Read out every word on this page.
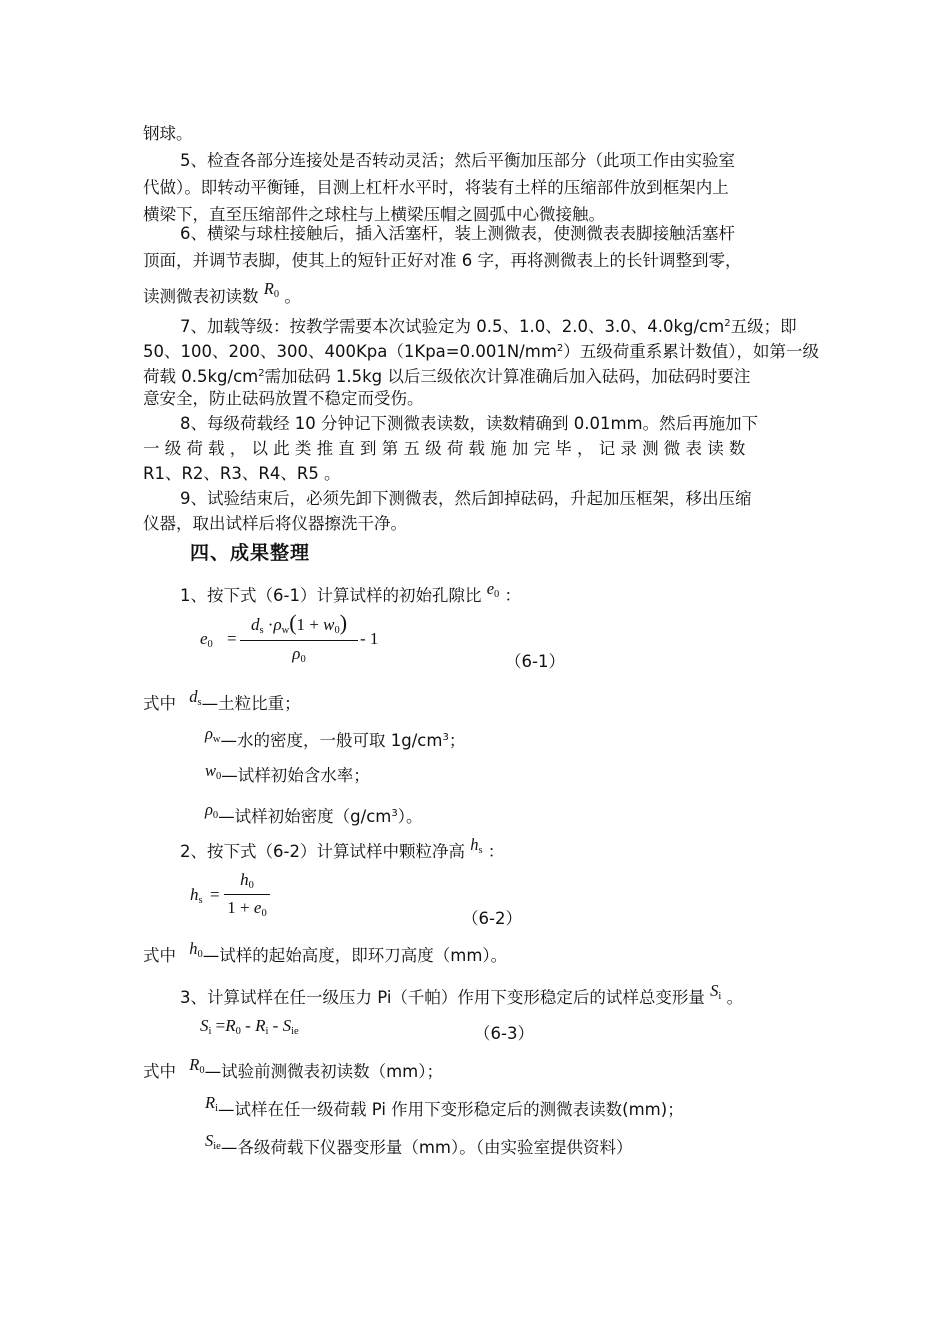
钢球。
5、检查各部分连接处是否转动灵活；然后平衡加压部分（此项工作由实验室
代做）。即转动平衡锤，目测上杠杆水平时，将装有土样的压缩部件放到框架内上
横梁下，直至压缩部件之球柱与上横梁压帽之圆弧中心微接触。
6、横梁与球柱接触后，插入活塞杆，装上测微表，使测微表表脚接触活塞杆
顶面，并调节表脚，使其上的短针正好对准 6 字，再将测微表上的长针调整到零，
读测微表初读数 $R_0$ 。
7、加载等级：按教学需要本次试验定为 0.5、1.0、2.0、3.0、$4.0kg/cm^2$五级；即
50、100、200、300、$400Kpa(1Kpa=0.001N/mm^2)$五级荷重系累计数值），如第一级
荷载 $0.5kg/cm^2$需加砝码 1.5kg 以后三级依次计算准确后加入砝码，加砝码时要注
意安全，防止砝码放置不稳定而受伤。
8、每级荷载经 10 分钟记下测微表读数，读数精确到 0.01mm。然后再施加下
一级荷载，以此类推直到第五级荷载施加完毕，记录测微表读数
R1、R2、R3、R4、R5 。
9、试验结束后，必须先卸下测微表，然后卸掉砝码，升起加压框架，移出压缩
仪器，取出试样后将仪器擦洗干净。
四、成果整理
1、按下式（6-1）计算试样的初始孔隙比 $e_0$ ：
$e_0$ =
$d_s \cdot\rho_w(1 + w_0)$
$\rho_0$
- 1
（6-1）
式中 $d_s—$土粒比重；
$\rho_w—$水的密度，一般可取 $1g/cm^3$；
$w_0—$试样初始含水率；
$\rho_0—$试样初始密度$(g/cm^3)$。
2、按下式（6-2）计算试样中颗粒净高 $h_s$ ：
$h_s$ =
$h_0$
$1 + e_0$	（6-2）
式中 $h_0—$试样的起始高度，即环刀高度（mm）。
3、计算试样在任一级压力 Pi（千帕）作用下变形稳定后的试样总变形量 $S_i$ 。
$S_i =R_0 - R_i - S_{ie}$	（6-3）
式中 $R_0—$试验前测微表初读数（mm）；
$R_i—$试样在任一级荷载 Pi 作用下变形稳定后的测微表读数(mm)；
$S_{ie}—$各级荷载下仪器变形量（mm）。（由实验室提供资料）
